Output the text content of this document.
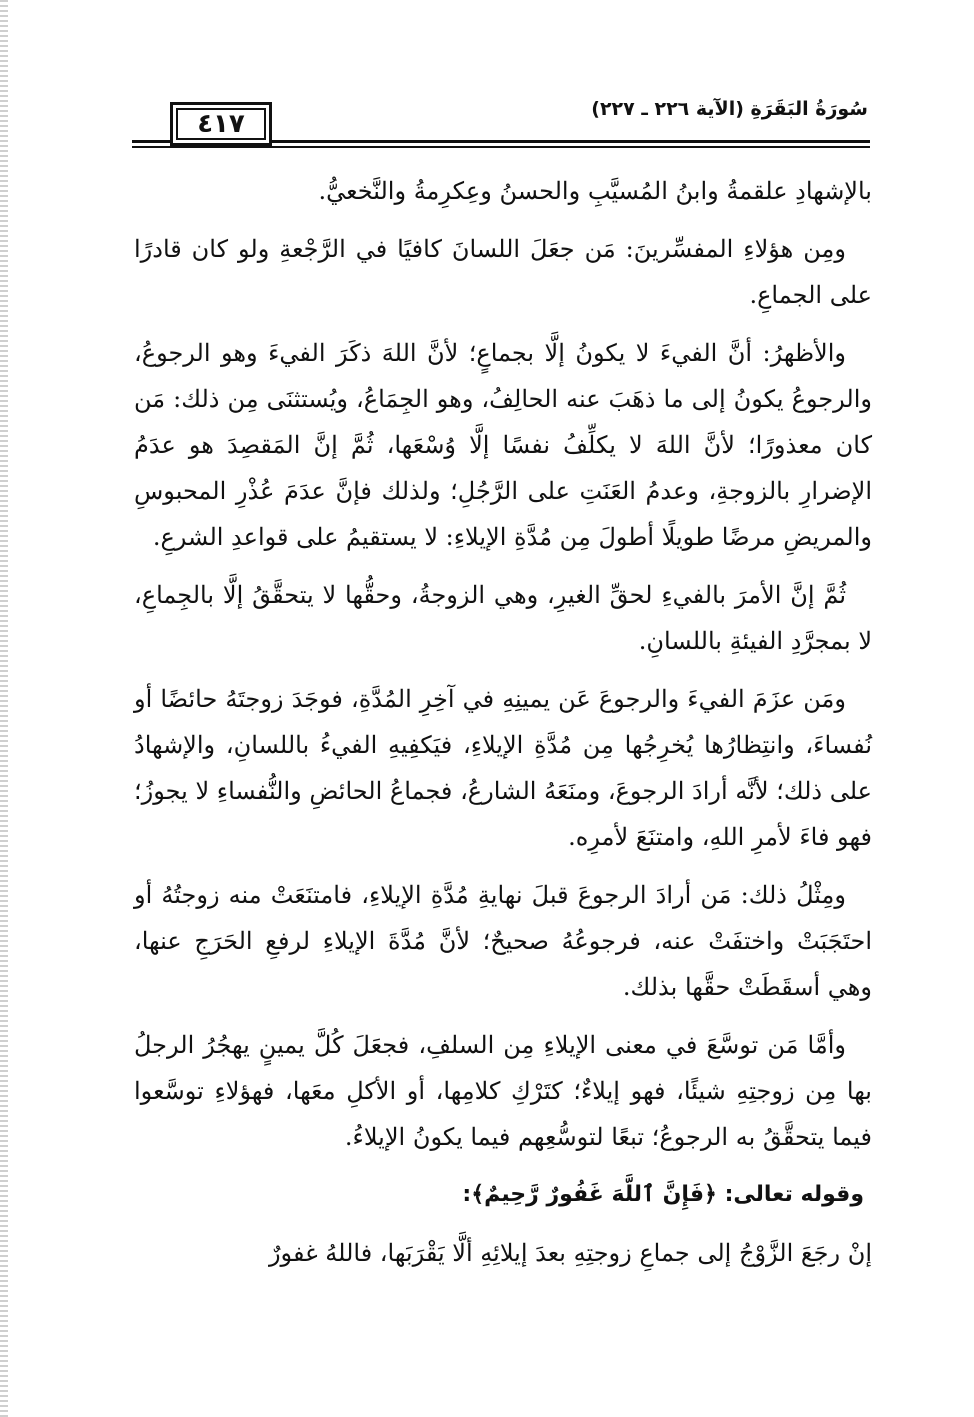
٤١٧	سُورَةُ البَقَرَةِ (الآية ٢٢٦ ـ ٢٢٧)

بالإشهادِ علقمةُ وابنُ المُسيَّبِ والحسنُ وعِكرِمةُ والنَّخعيُّ.

ومِن هؤلاءِ المفسِّرينَ: مَن جعَلَ اللسانَ كافيًا في الرَّجْعةِ ولو كان قادرًا على الجماعِ.

والأظهرُ: أنَّ الفيءَ لا يكونُ إلَّا بجماعٍ؛ لأنَّ اللهَ ذكَرَ الفيءَ وهو الرجوعُ، والرجوعُ يكونُ إلى ما ذهَبَ عنه الحالِفُ، وهو الجِمَاعُ، ويُستثنَى مِن ذلك: مَن كان معذورًا؛ لأنَّ اللهَ لا يكلِّفُ نفسًا إلَّا وُسْعَها، ثُمَّ إنَّ المَقصِدَ هو عدَمُ الإضرارِ بالزوجةِ، وعدمُ العَنَتِ على الرَّجُلِ؛ ولذلك فإنَّ عدَمَ عُذْرِ المحبوسِ والمريضِ مرضًا طويلًا أطولَ مِن مُدَّةِ الإيلاءِ: لا يستقيمُ على قواعدِ الشرعِ.

ثُمَّ إنَّ الأمرَ بالفيءِ لحقِّ الغيرِ، وهي الزوجةُ، وحقُّها لا يتحقَّقُ إلَّا بالجِماعِ، لا بمجرَّدِ الفيئةِ باللسانِ.

ومَن عزَمَ الفيءَ والرجوعَ عَن يمينِهِ في آخِرِ المُدَّةِ، فوجَدَ زوجتَهُ حائضًا أو نُفساءَ، وانتِظارُها يُخرِجُها مِن مُدَّةِ الإيلاءِ، فيَكفِيهِ الفيءُ باللسانِ، والإشهادُ على ذلك؛ لأنَّه أرادَ الرجوعَ، ومنَعَهُ الشارعُ، فجماعُ الحائضِ والنُّفساءِ لا يجوزُ؛ فهو فاءَ لأمرِ اللهِ، وامتنَعَ لأمرِه.

ومِثْلُ ذلك: مَن أرادَ الرجوعَ قبلَ نهايةِ مُدَّةِ الإيلاءِ، فامتنَعَتْ منه زوجتُهُ أو احتَجَبَتْ واختفَتْ عنه، فرجوعُهُ صحيحٌ؛ لأنَّ مُدَّةَ الإيلاءِ لرفعِ الحَرَجِ عنها، وهي أسقَطَتْ حقَّها بذلك.

وأمَّا مَن توسَّعَ في معنى الإيلاءِ مِن السلفِ، فجعَلَ كُلَّ يمينٍ يهجُرُ الرجلُ بها مِن زوجتِهِ شيئًا، فهو إيلاءٌ؛ كتَرْكِ كلامِها، أو الأكلِ معَها، فهؤلاءِ توسَّعوا فيما يتحقَّقُ به الرجوعُ؛ تبعًا لتوسُّعِهم فيما يكونُ الإيلاءُ.

وقوله تعالى: ﴿فَإِنَّ ٱللَّهَ غَفُورٌ رَّحِيمٌ﴾:

إنْ رجَعَ الزَّوْجُ إلى جماعِ زوجتِهِ بعدَ إيلائِهِ ألَّا يَقْرَبَها، فاللهُ غفورٌ
